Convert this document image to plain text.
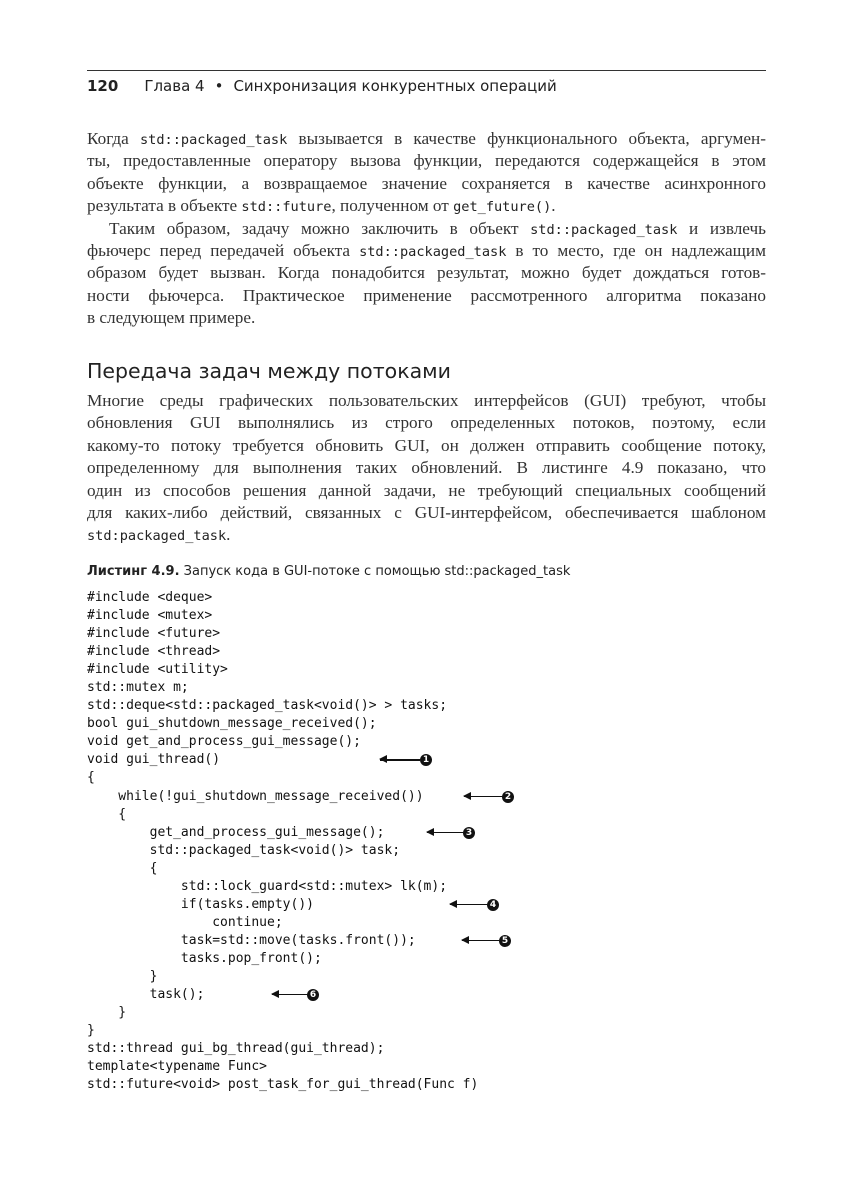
120 Глава 4 • Синхронизация конкурентных операций
Когда std::packaged_task вызывается в качестве функционального объекта, аргумен-
ты, предоставленные оператору вызова функции, передаются содержащейся в этом
объекте функции, а возвращаемое значение сохраняется в качестве асинхронного
результата в объекте std::future, полученном от get_future().
Таким образом, задачу можно заключить в объект std::packaged_task и извлечь
фьючерс перед передачей объекта std::packaged_task в то место, где он надлежащим
образом будет вызван. Когда понадобится результат, можно будет дождаться готов-
ности фьючерса. Практическое применение рассмотренного алгоритма показано
в следующем примере.
Передача задач между потоками
Многие среды графических пользовательских интерфейсов (GUI) требуют, чтобы
обновления GUI выполнялись из строго определенных потоков, поэтому, если
какому-то потоку требуется обновить GUI, он должен отправить сообщение потоку,
определенному для выполнения таких обновлений. В листинге 4.9 показано, что
один из способов решения данной задачи, не требующий специальных сообщений
для каких-либо действий, связанных с GUI-интерфейсом, обеспечивается шаблоном
std:packaged_task.
Листинг 4.9. Запуск кода в GUI-потоке с помощью std::packaged_task
#include <deque>
#include <mutex>
#include <future>
#include <thread>
#include <utility>
std::mutex m;
std::deque<std::packaged_task<void()> > tasks;
bool gui_shutdown_message_received();
void get_and_process_gui_message();
void gui_thread()	1
{
while(!gui_shutdown_message_received())	2
{
get_and_process_gui_message();	3
std::packaged_task<void()> task;
{
std::lock_guard<std::mutex> lk(m);
if(tasks.empty())	4
continue;
task=std::move(tasks.front());	5
tasks.pop_front();
}
task();	6
}
}
std::thread gui_bg_thread(gui_thread);
template<typename Func>
std::future<void> post_task_for_gui_thread(Func f)
